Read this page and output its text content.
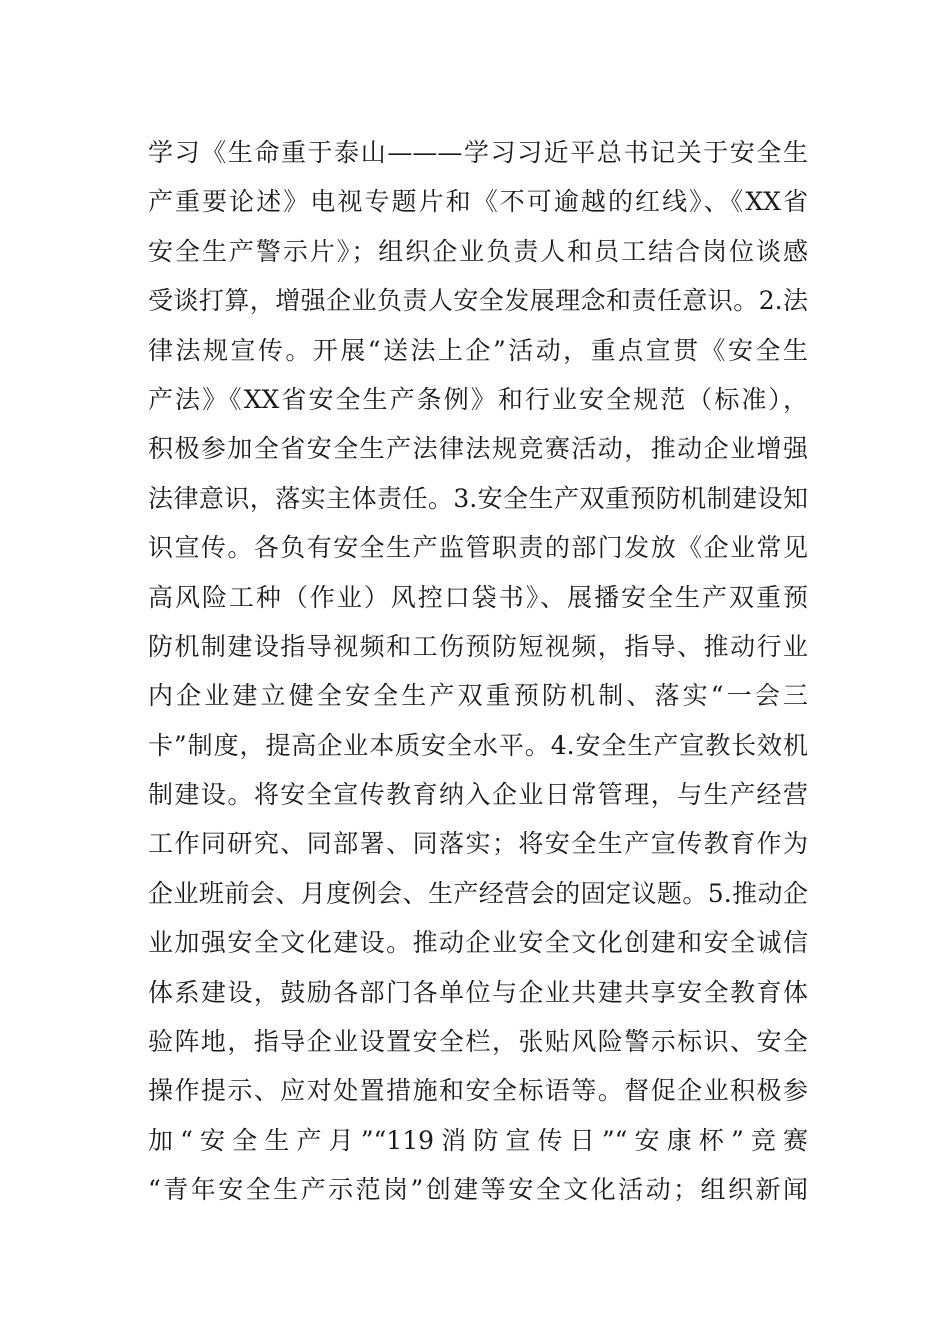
学习《生命重于泰山———学习习近平总书记关于安全生
产重要论述》电视专题片和《不可逾越的红线》、《XX省
安全生产警示片》；组织企业负责人和员工结合岗位谈感
受谈打算，增强企业负责人安全发展理念和责任意识。2.法
律法规宣传。开展“送法上企”活动，重点宣贯《安全生
产法》《XX省安全生产条例》和行业安全规范（标准），
积极参加全省安全生产法律法规竞赛活动，推动企业增强
法律意识，落实主体责任。3.安全生产双重预防机制建设知
识宣传。各负有安全生产监管职责的部门发放《企业常见
高风险工种（作业）风控口袋书》、展播安全生产双重预
防机制建设指导视频和工伤预防短视频，指导、推动行业
内企业建立健全安全生产双重预防机制、落实“一会三
卡”制度，提高企业本质安全水平。4.安全生产宣教长效机
制建设。将安全宣传教育纳入企业日常管理，与生产经营
工作同研究、同部署、同落实；将安全生产宣传教育作为
企业班前会、月度例会、生产经营会的固定议题。5.推动企
业加强安全文化建设。推动企业安全文化创建和安全诚信
体系建设，鼓励各部门各单位与企业共建共享安全教育体
验阵地，指导企业设置安全栏，张贴风险警示标识、安全
操作提示、应对处置措施和安全标语等。督促企业积极参
加“安全生产月”“119消防宣传日”“安康杯”竞赛
“青年安全生产示范岗”创建等安全文化活动；组织新闻
